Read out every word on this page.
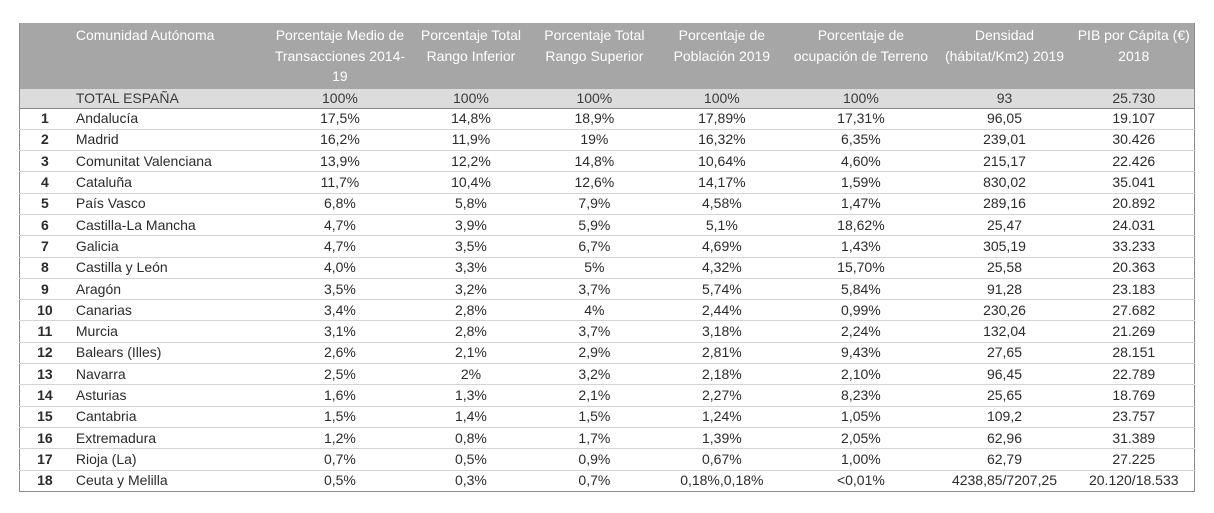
	Comunidad Autónoma	Porcentaje Medio de Transacciones 2014-19	Porcentaje Total Rango Inferior	Porcentaje Total Rango Superior	Porcentaje de Población 2019	Porcentaje de ocupación de Terreno	Densidad (hábitat/Km2) 2019	PIB por Cápita (€) 2018
	TOTAL ESPAÑA	100%	100%	100%	100%	100%	93	25.730
1	Andalucía	17,5%	14,8%	18,9%	17,89%	17,31%	96,05	19.107
2	Madrid	16,2%	11,9%	19%	16,32%	6,35%	239,01	30.426
3	Comunitat Valenciana	13,9%	12,2%	14,8%	10,64%	4,60%	215,17	22.426
4	Cataluña	11,7%	10,4%	12,6%	14,17%	1,59%	830,02	35.041
5	País Vasco	6,8%	5,8%	7,9%	4,58%	1,47%	289,16	20.892
6	Castilla-La Mancha	4,7%	3,9%	5,9%	5,1%	18,62%	25,47	24.031
7	Galicia	4,7%	3,5%	6,7%	4,69%	1,43%	305,19	33.233
8	Castilla y León	4,0%	3,3%	5%	4,32%	15,70%	25,58	20.363
9	Aragón	3,5%	3,2%	3,7%	5,74%	5,84%	91,28	23.183
10	Canarias	3,4%	2,8%	4%	2,44%	0,99%	230,26	27.682
11	Murcia	3,1%	2,8%	3,7%	3,18%	2,24%	132,04	21.269
12	Balears (Illes)	2,6%	2,1%	2,9%	2,81%	9,43%	27,65	28.151
13	Navarra	2,5%	2%	3,2%	2,18%	2,10%	96,45	22.789
14	Asturias	1,6%	1,3%	2,1%	2,27%	8,23%	25,65	18.769
15	Cantabria	1,5%	1,4%	1,5%	1,24%	1,05%	109,2	23.757
16	Extremadura	1,2%	0,8%	1,7%	1,39%	2,05%	62,96	31.389
17	Rioja (La)	0,7%	0,5%	0,9%	0,67%	1,00%	62,79	27.225
18	Ceuta y Melilla	0,5%	0,3%	0,7%	0,18%,0,18%	<0,01%	4238,85/7207,25	20.120/18.533
